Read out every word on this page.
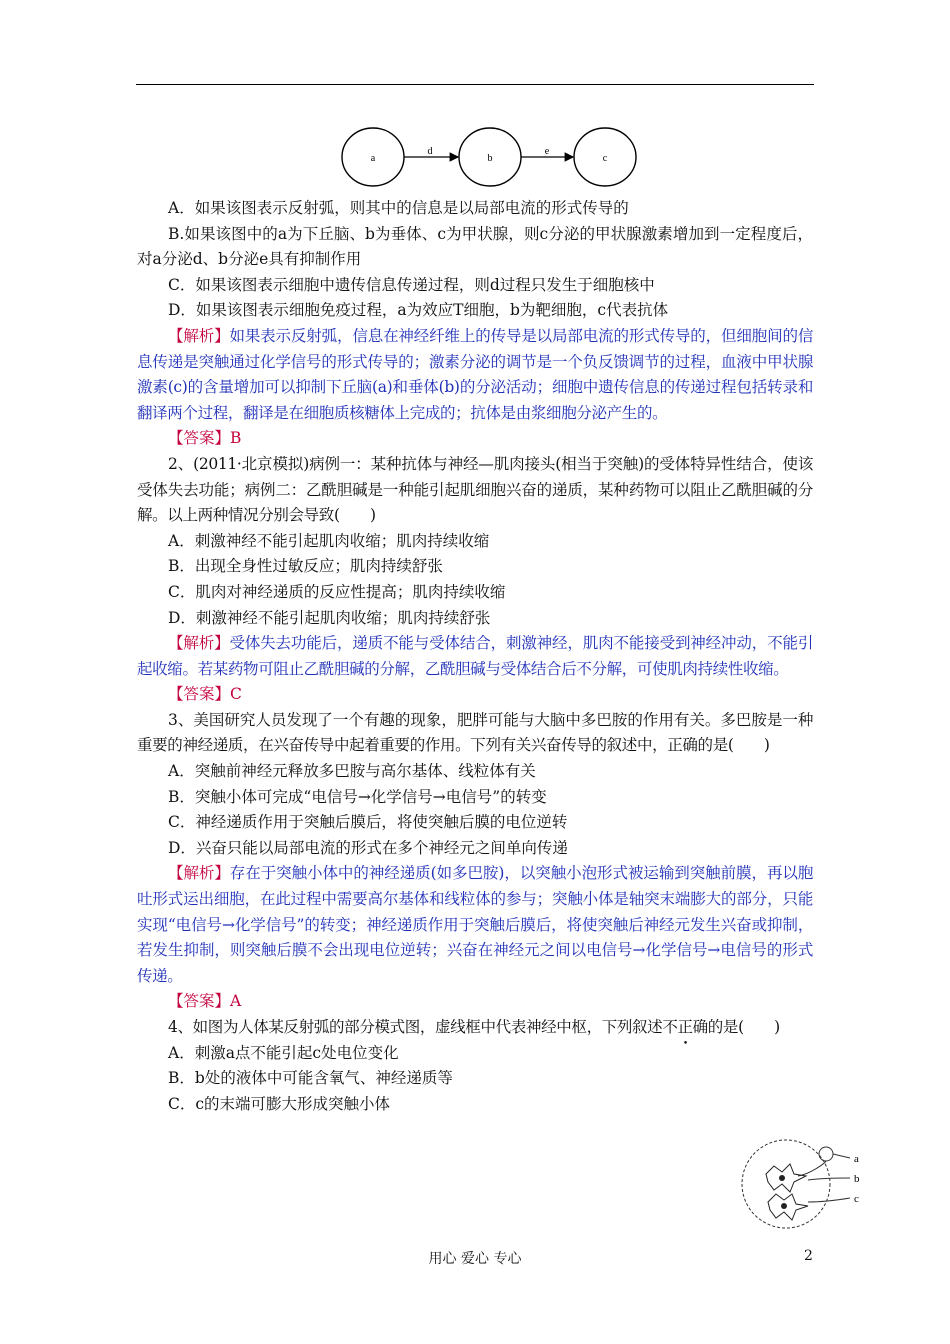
a	b	c
d	e

A．如果该图表示反射弧，则其中的信息是以局部电流的形式传导的

B.如果该图中的a为下丘脑、b为垂体、c为甲状腺，则c分泌的甲状腺激素增加到一定程度后，对a分泌d、b分泌e具有抑制作用

C．如果该图表示细胞中遗传信息传递过程，则d过程只发生于细胞核中

D．如果该图表示细胞免疫过程，a为效应T细胞，b为靶细胞，c代表抗体

【解析】如果表示反射弧，信息在神经纤维上的传导是以局部电流的形式传导的，但细胞间的信息传递是突触通过化学信号的形式传导的；激素分泌的调节是一个负反馈调节的过程，血液中甲状腺激素(c)的含量增加可以抑制下丘脑(a)和垂体(b)的分泌活动；细胞中遗传信息的传递过程包括转录和翻译两个过程，翻译是在细胞质核糖体上完成的；抗体是由浆细胞分泌产生的。

【答案】B

2、(2011·北京模拟)病例一：某种抗体与神经—肌肉接头(相当于突触)的受体特异性结合，使该受体失去功能；病例二：乙酰胆碱是一种能引起肌细胞兴奋的递质，某种药物可以阻止乙酰胆碱的分解。以上两种情况分别会导致(　　)

A．刺激神经不能引起肌肉收缩；肌肉持续收缩

B．出现全身性过敏反应；肌肉持续舒张

C．肌肉对神经递质的反应性提高；肌肉持续收缩

D．刺激神经不能引起肌肉收缩；肌肉持续舒张

【解析】受体失去功能后，递质不能与受体结合，刺激神经，肌肉不能接受到神经冲动，不能引起收缩。若某药物可阻止乙酰胆碱的分解，乙酰胆碱与受体结合后不分解，可使肌肉持续性收缩。

【答案】C

3、美国研究人员发现了一个有趣的现象，肥胖可能与大脑中多巴胺的作用有关。多巴胺是一种重要的神经递质，在兴奋传导中起着重要的作用。下列有关兴奋传导的叙述中，正确的是(　　)

A．突触前神经元释放多巴胺与高尔基体、线粒体有关

B．突触小体可完成“电信号→化学信号→电信号”的转变

C．神经递质作用于突触后膜后，将使突触后膜的电位逆转

D．兴奋只能以局部电流的形式在多个神经元之间单向传递

【解析】存在于突触小体中的神经递质(如多巴胺)，以突触小泡形式被运输到突触前膜，再以胞吐形式运出细胞，在此过程中需要高尔基体和线粒体的参与；突触小体是轴突末端膨大的部分，只能实现“电信号→化学信号”的转变；神经递质作用于突触后膜后，将使突触后神经元发生兴奋或抑制，若发生抑制，则突触后膜不会出现电位逆转；兴奋在神经元之间以电信号→化学信号→电信号的形式传递。

【答案】A

4、如图为人体某反射弧的部分模式图，虚线框中代表神经中枢，下列叙述不正确的是(　　)

A．刺激a点不能引起c处电位变化

B．b处的液体中可能含氧气、神经递质等

C．c的末端可膨大形成突触小体

a
b
c
用心 爱心 专心	2
